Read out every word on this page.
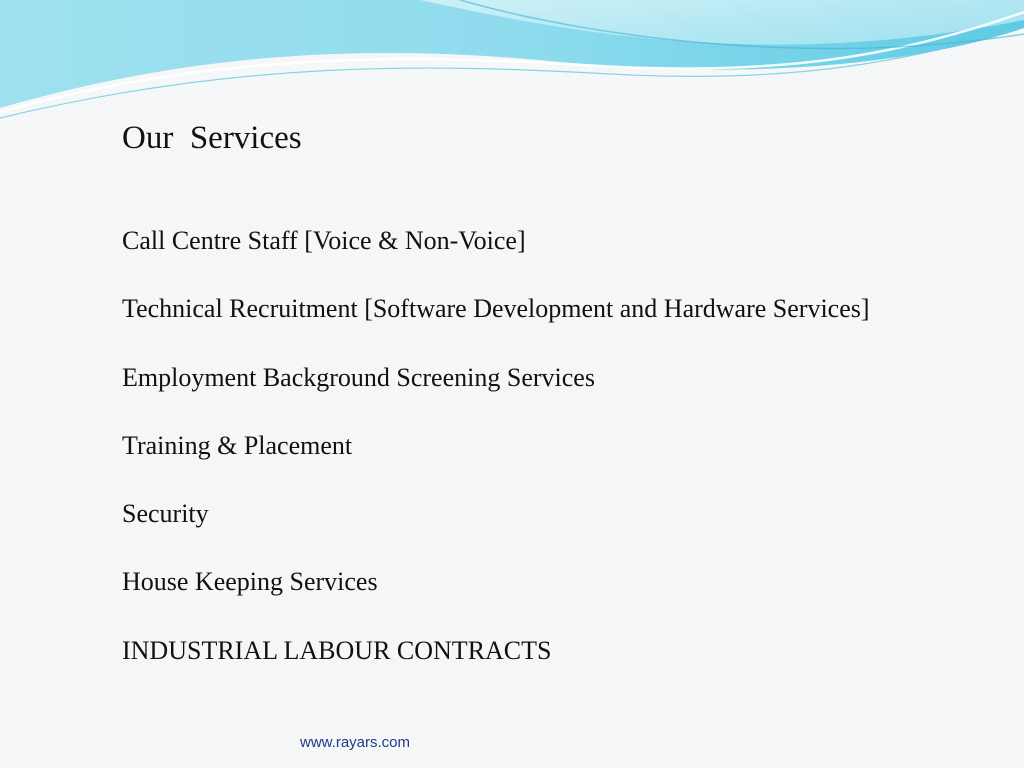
Our  Services
Call Centre Staff [Voice & Non-Voice]
Technical Recruitment [Software Development and Hardware Services]
Employment Background Screening Services
Training & Placement
Security
House Keeping Services
INDUSTRIAL LABOUR CONTRACTS
www.rayars.com
